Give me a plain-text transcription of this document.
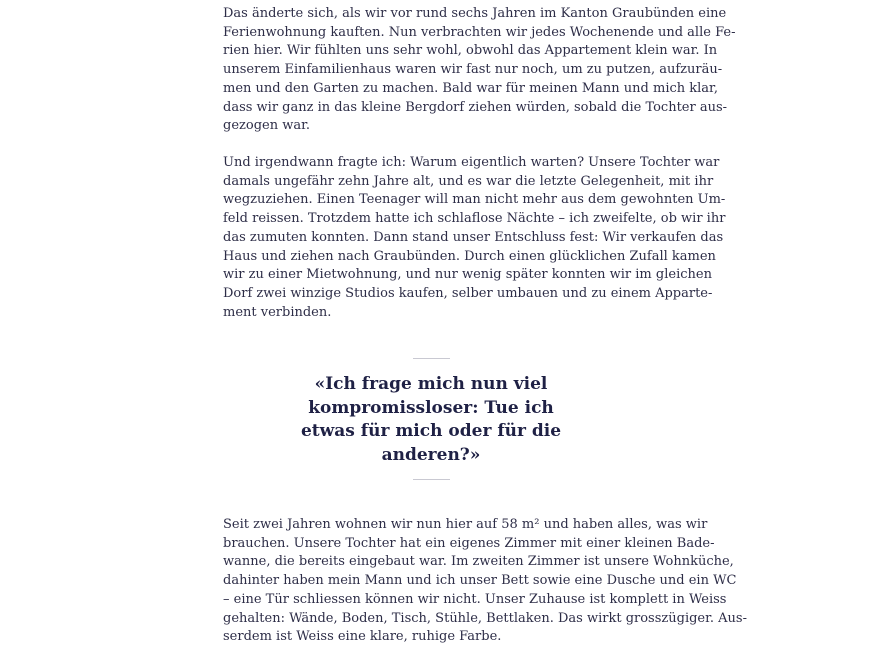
Das änderte sich, als wir vor rund sechs Jahren im Kanton Graubünden eine
Ferienwohnung kauften. Nun verbrachten wir jedes Wochenende und alle Fe-
rien hier. Wir fühlten uns sehr wohl, obwohl das Appartement klein war. In
unserem Einfamilienhaus waren wir fast nur noch, um zu putzen, aufzuräu-
men und den Garten zu machen. Bald war für meinen Mann und mich klar,
dass wir ganz in das kleine Bergdorf ziehen würden, sobald die Tochter aus-
gezogen war.

Und irgendwann fragte ich: Warum eigentlich warten? Unsere Tochter war
damals ungefähr zehn Jahre alt, und es war die letzte Gelegenheit, mit ihr
wegzuziehen. Einen Teenager will man nicht mehr aus dem gewohnten Um-
feld reissen. Trotzdem hatte ich schlaflose Nächte – ich zweifelte, ob wir ihr
das zumuten konnten. Dann stand unser Entschluss fest: Wir verkaufen das
Haus und ziehen nach Graubünden. Durch einen glücklichen Zufall kamen
wir zu einer Mietwohnung, und nur wenig später konnten wir im gleichen
Dorf zwei winzige Studios kaufen, selber umbauen und zu einem Apparte-
ment verbinden.

«Ich frage mich nun viel
kompromissloser: Tue ich
etwas für mich oder für die
anderen?»

Seit zwei Jahren wohnen wir nun hier auf 58 m² und haben alles, was wir
brauchen. Unsere Tochter hat ein eigenes Zimmer mit einer kleinen Bade-
wanne, die bereits eingebaut war. Im zweiten Zimmer ist unsere Wohnküche,
dahinter haben mein Mann und ich unser Bett sowie eine Dusche und ein WC
– eine Tür schliessen können wir nicht. Unser Zuhause ist komplett in Weiss
gehalten: Wände, Boden, Tisch, Stühle, Bettlaken. Das wirkt grosszügiger. Aus-
serdem ist Weiss eine klare, ruhige Farbe.
